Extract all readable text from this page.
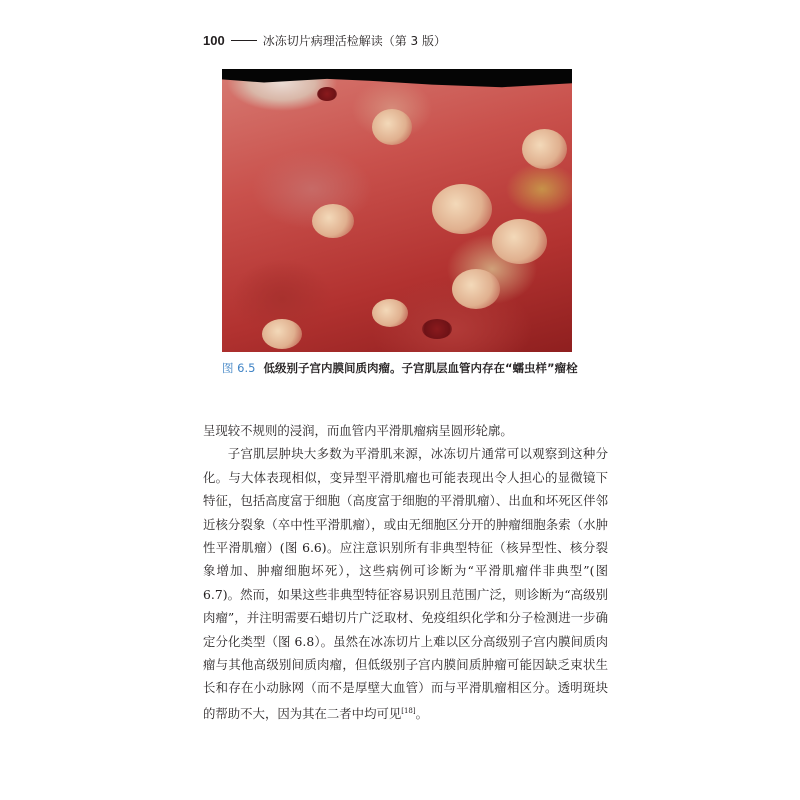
100	冰冻切片病理活检解读（第 3 版）
图 6.5 低级别子宫内膜间质肉瘤。子宫肌层血管内存在“蠕虫样”瘤栓

呈现较不规则的浸润，而血管内平滑肌瘤病呈圆形轮廓。

子宫肌层肿块大多数为平滑肌来源，冰冻切片通常可以观察到这种分化。与大体表现相似，变异型平滑肌瘤也可能表现出令人担心的显微镜下特征，包括高度富于细胞（高度富于细胞的平滑肌瘤）、出血和坏死区伴邻近核分裂象（卒中性平滑肌瘤），或由无细胞区分开的肿瘤细胞条索（水肿性平滑肌瘤）(图 6.6)。应注意识别所有非典型特征（核异型性、核分裂象增加、肿瘤细胞坏死），这些病例可诊断为“平滑肌瘤伴非典型”(图 6.7)。然而，如果这些非典型特征容易识别且范围广泛，则诊断为“高级别肉瘤”，并注明需要石蜡切片广泛取材、免疫组织化学和分子检测进一步确定分化类型（图 6.8）。虽然在冰冻切片上难以区分高级别子宫内膜间质肉瘤与其他高级别间质肉瘤，但低级别子宫内膜间质肿瘤可能因缺乏束状生长和存在小动脉网（而不是厚壁大血管）而与平滑肌瘤相区分。透明斑块的帮助不大，因为其在二者中均可见[18]。
